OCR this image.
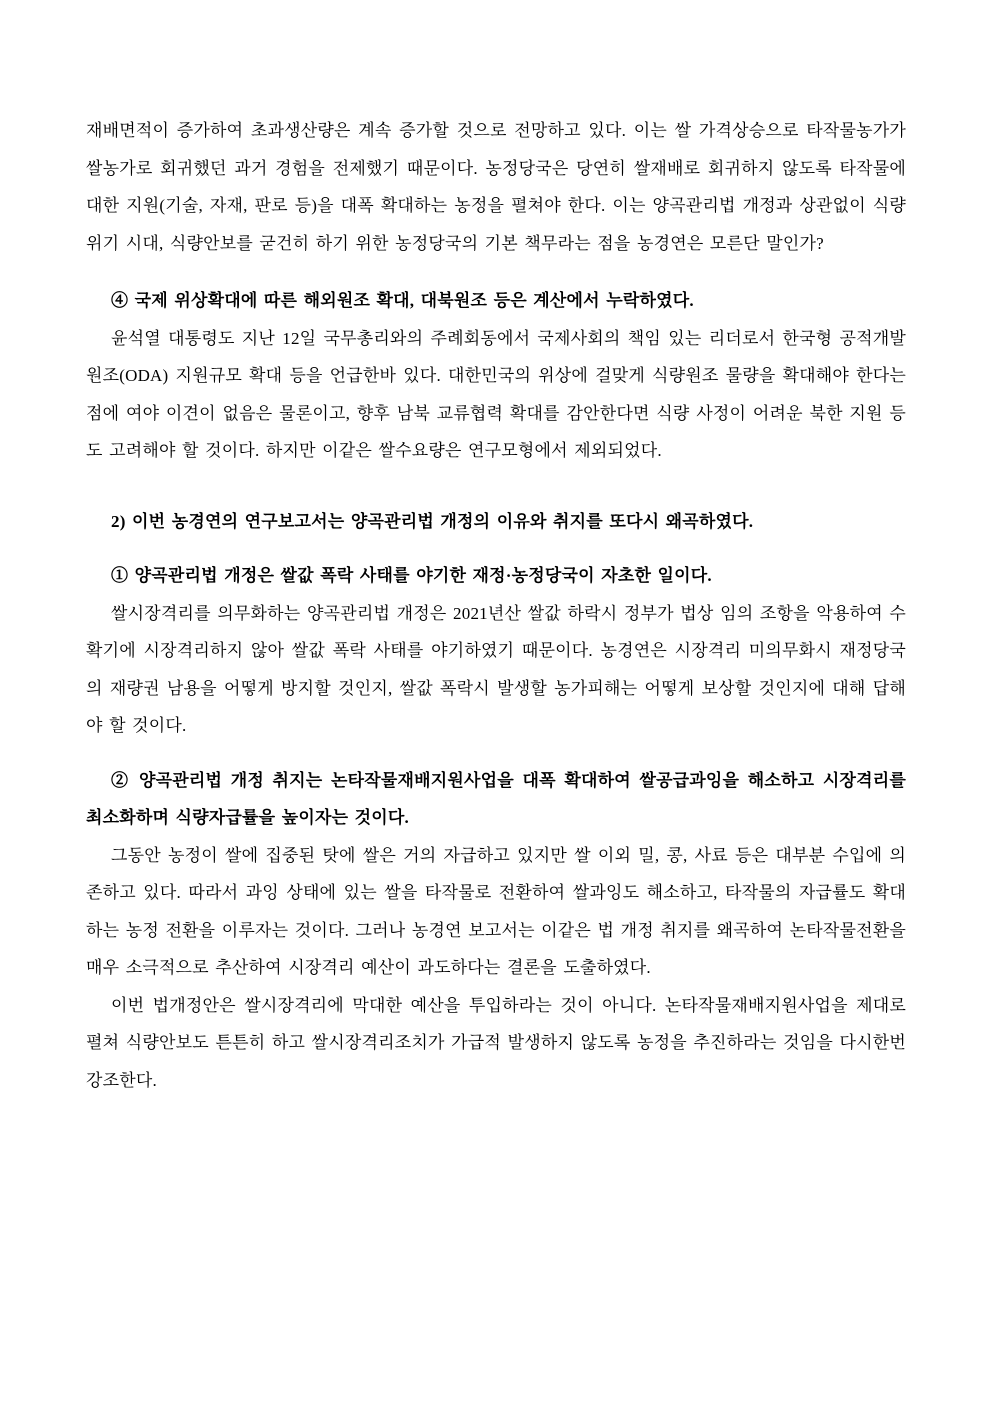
재배면적이 증가하여 초과생산량은 계속 증가할 것으로 전망하고 있다. 이는 쌀 가격상승으로 타작물농가가 쌀농가로 회귀했던 과거 경험을 전제했기 때문이다. 농정당국은 당연히 쌀재배로 회귀하지 않도록 타작물에 대한 지원(기술, 자재, 판로 등)을 대폭 확대하는 농정을 펼쳐야 한다. 이는 양곡관리법 개정과 상관없이 식량위기 시대, 식량안보를 굳건히 하기 위한 농정당국의 기본 책무라는 점을 농경연은 모른단 말인가?

④ 국제 위상확대에 따른 해외원조 확대, 대북원조 등은 계산에서 누락하였다.

윤석열 대통령도 지난 12일 국무총리와의 주례회동에서 국제사회의 책임 있는 리더로서 한국형 공적개발원조(ODA) 지원규모 확대 등을 언급한바 있다. 대한민국의 위상에 걸맞게 식량원조 물량을 확대해야 한다는 점에 여야 이견이 없음은 물론이고, 향후 남북 교류협력 확대를 감안한다면 식량 사정이 어려운 북한 지원 등도 고려해야 할 것이다. 하지만 이같은 쌀수요량은 연구모형에서 제외되었다.

2) 이번 농경연의 연구보고서는 양곡관리법 개정의 이유와 취지를 또다시 왜곡하였다.

① 양곡관리법 개정은 쌀값 폭락 사태를 야기한 재정·농정당국이 자초한 일이다.

쌀시장격리를 의무화하는 양곡관리법 개정은 2021년산 쌀값 하락시 정부가 법상 임의 조항을 악용하여 수확기에 시장격리하지 않아 쌀값 폭락 사태를 야기하였기 때문이다. 농경연은 시장격리 미의무화시 재정당국의 재량권 남용을 어떻게 방지할 것인지, 쌀값 폭락시 발생할 농가피해는 어떻게 보상할 것인지에 대해 답해야 할 것이다.

② 양곡관리법 개정 취지는 논타작물재배지원사업을 대폭 확대하여 쌀공급과잉을 해소하고 시장격리를 최소화하며 식량자급률을 높이자는 것이다.

그동안 농정이 쌀에 집중된 탓에 쌀은 거의 자급하고 있지만 쌀 이외 밀, 콩, 사료 등은 대부분 수입에 의존하고 있다. 따라서 과잉 상태에 있는 쌀을 타작물로 전환하여 쌀과잉도 해소하고, 타작물의 자급률도 확대하는 농정 전환을 이루자는 것이다. 그러나 농경연 보고서는 이같은 법 개정 취지를 왜곡하여 논타작물전환을 매우 소극적으로 추산하여 시장격리 예산이 과도하다는 결론을 도출하였다.

이번 법개정안은 쌀시장격리에 막대한 예산을 투입하라는 것이 아니다. 논타작물재배지원사업을 제대로 펼쳐 식량안보도 튼튼히 하고 쌀시장격리조치가 가급적 발생하지 않도록 농정을 추진하라는 것임을 다시한번 강조한다.
